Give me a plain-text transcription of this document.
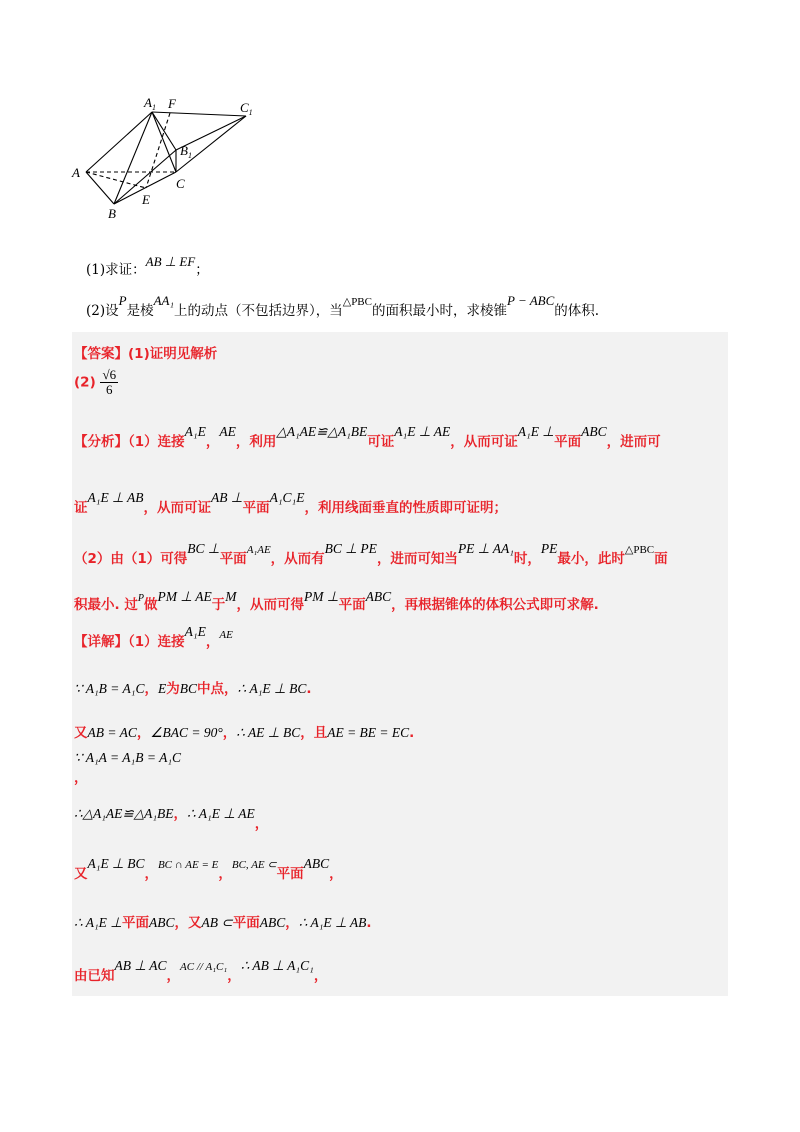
$A_1$ F	$C_1$
$B_1$
A
C
B
E
(1)求证：AB ⊥ EF；
(2)设P是棱AA₁上的动点（不包括边界），当$^{\triangle PBC}$的面积最小时，求棱锥P − ABC的体积.
【答案】(1)证明见解析
$(2) \frac{√6}{6}$
【分析】（1）连接A₁E，AE，利用△A₁AE≌△A₁BE可证A₁E ⊥ AE，从而可证A₁E ⊥平面ABC，进而可
证A₁E ⊥ AB，从而可证AB ⊥平面A₁C₁E，利用线面垂直的性质即可证明；
（2）由（1）可得BC ⊥平面$^{A_1AE}$，从而有BC ⊥ PE，进而可知当PE ⊥ AA₁时，PE最小，此时$^{\triangle PBC}$面
积最小. 过$^P$做PM ⊥ AE于M，从而可得PM ⊥平面ABC，再根据锥体的体积公式即可求解.
【详解】（1）连接A₁E，$^{AE}$
∵ A₁B = A₁C，E为BC中点，∴ A₁E ⊥ BC.
又AB = AC，∠BAC = 90°，∴ AE ⊥ BC，且AE = BE = EC.
∵ A₁A = A₁B = A₁C
，
∴△A₁AE≌△A₁BE，∴ A₁E ⊥ AE，
又A₁E ⊥ BC，$^{BC \cap AE = E}$，$^{BC, AE \subset}$平面ABC，
∴ A₁E ⊥平面ABC，又AB ⊂平面ABC，∴ A₁E ⊥ AB.
由已知AB ⊥ AC，$^{AC // A_1C_1}$，∴ AB ⊥ A₁C₁，
